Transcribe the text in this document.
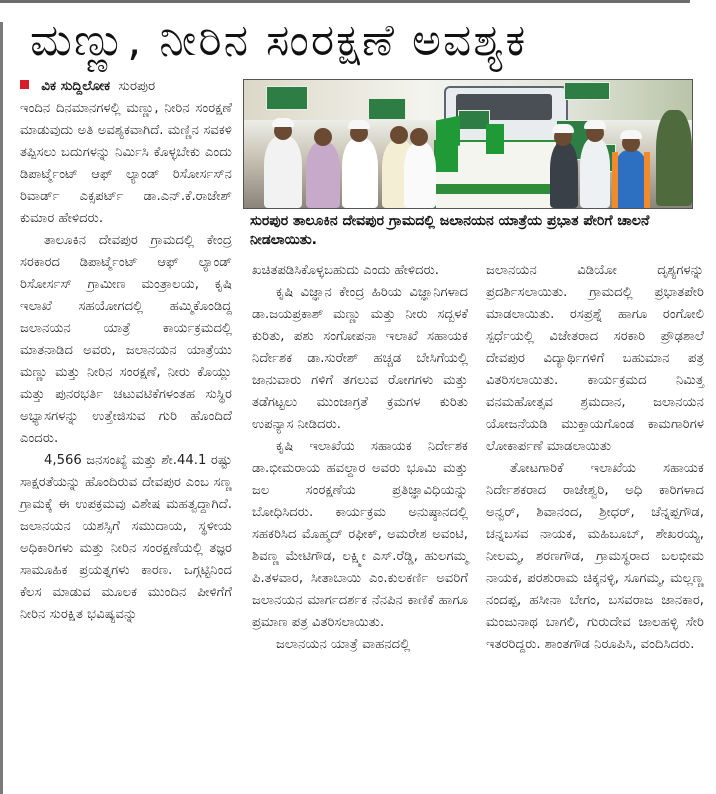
ಮಣ್ಣು, ನೀರಿನ ಸಂರಕ್ಷಣೆ ಅವಶ್ಯಕ
ವಿಕ ಸುದ್ದಿಲೋಕ ಸುರಪುರ

ಇಂದಿನ ದಿನಮಾನಗಳಲ್ಲಿ ಮಣ್ಣು, ನೀರಿನ ಸಂರಕ್ಷಣೆ ಮಾಡುವುದು ಅತಿ ಅವಶ್ಯಕವಾಗಿದೆ. ಮಣ್ಣಿನ ಸವಕಳಿ ತಪ್ಪಿಸಲು ಬದುಗಳನ್ನು ನಿರ್ಮಿಸಿ ಕೊಳ್ಳಬೇಕು ಎಂದು ಡಿಪಾರ್ಟ್ಮೆಂಟ್ ಆಫ್ ಲ್ಯಾಂಡ್ ರಿಸೋರ್ಸಸ್‌ನ ರಿವಾರ್ಡ್ ಎಕ್ಸಪರ್ಟ್ ಡಾ.ಎನ್.ಕೆ.ರಾಜೇಶ್ ಕುಮಾರ ಹೇಳಿದರು.

ತಾಲೂಕಿನ ದೇವಪುರ ಗ್ರಾಮದಲ್ಲಿ ಕೇಂದ್ರ ಸರಕಾರದ ಡಿಪಾರ್ಟ್ಮೆಂಟ್ ಆಫ್ ಲ್ಯಾಂಡ್ ರಿಸೋರ್ಸಸ್ ಗ್ರಾಮೀಣ ಮಂತ್ರಾಲಯ, ಕೃಷಿ ಇಲಾಖೆ ಸಹಯೋಗದಲ್ಲಿ ಹಮ್ಮಿಕೊಂಡಿದ್ದ ಜಲಾನಯನ ಯಾತ್ರೆ ಕಾರ್ಯಕ್ರಮದಲ್ಲಿ ಮಾತನಾಡಿದ ಅವರು, ಜಲಾನಯನ ಯಾತ್ರೆಯು ಮಣ್ಣು ಮತ್ತು ನೀರಿನ ಸಂರಕ್ಷಣೆ, ನೀರು ಕೊಯ್ಲು ಮತ್ತು ಪುನರಭರ್ತಿ ಚಟುವಟಿಕೆಗಳಂತಹ ಸುಸ್ಥಿರ ಅಭ್ಯಾಸಗಳನ್ನು ಉತ್ತೇಜಿಸುವ ಗುರಿ ಹೊಂದಿದೆ ಎಂದರು.

4,566 ಜನಸಂಖ್ಯೆ ಮತ್ತು ಶೇ.44.1 ರಷ್ಟು ಸಾಕ್ಷರತೆಯನ್ನು ಹೊಂದಿರುವ ದೇವಪುರ ಎಂಬ ಸಣ್ಣ ಗ್ರಾಮಕ್ಕೆ ಈ ಉಪಕ್ರಮವು ವಿಶೇಷ ಮಹತ್ವದ್ದಾಗಿದೆ. ಜಲಾನಯನ ಯಶಸ್ಸಿಗೆ ಸಮುದಾಯ, ಸ್ಥಳೀಯ ಅಧಿಕಾರಿಗಳು ಮತ್ತು ನೀರಿನ ಸಂರಕ್ಷಣೆಯಲ್ಲಿ ತಜ್ಞರ ಸಾಮೂಹಿಕ ಪ್ರಯತ್ನಗಳು ಕಾರಣ. ಒಗ್ಗಟ್ಟಿನಿಂದ ಕೆಲಸ ಮಾಡುವ ಮೂಲಕ ಮುಂದಿನ ಪೀಳಿಗೆಗೆ ನೀರಿನ ಸುರಕ್ಷಿತ ಭವಿಷ್ಯವನ್ನು

ಸುರಪುರ ತಾಲೂಕಿನ ದೇವಪುರ ಗ್ರಾಮದಲ್ಲಿ ಜಲಾನಯನ ಯಾತ್ರೆಯ ಪ್ರಭಾತ ಪೇರಿಗೆ ಚಾಲನೆ ನೀಡಲಾಯಿತು.

ಖಚಿತಪಡಿಸಿಕೊಳ್ಳಬಹುದು ಎಂದು ಹೇಳಿದರು.

ಕೃಷಿ ವಿಜ್ಞಾನ ಕೇಂದ್ರ ಹಿರಿಯ ವಿಜ್ಞಾನಿಗಳಾದ ಡಾ.ಜಯಪ್ರಕಾಶ್ ಮಣ್ಣು ಮತ್ತು ನೀರು ಸದ್ಬಳಕೆ ಕುರಿತು, ಪಶು ಸಂಗೋಪನಾ ಇಲಾಖೆ ಸಹಾಯಕ ನಿರ್ದೇಶಕ ಡಾ.ಸುರೇಶ್ ಹಚ್ಚಡ ಬೇಸಿಗೆಯಲ್ಲಿ ಜಾನುವಾರು ಗಳಿಗೆ ತಗಲುವ ರೋಗಗಳು ಮತ್ತು ತಡೆಗಟ್ಟಲು ಮುಂಜಾಗ್ರತೆ ಕ್ರಮಗಳ ಕುರಿತು ಉಪನ್ಯಾಸ ನೀಡಿದರು.

ಕೃಷಿ ಇಲಾಖೆಯ ಸಹಾಯಕ ನಿರ್ದೇಶಕ ಡಾ.ಭೀಮರಾಯ ಹವಲ್ದಾರ ಅವರು ಭೂಮಿ ಮತ್ತು ಜಲ ಸಂರಕ್ಷಣೆಯ ಪ್ರತಿಜ್ಞಾವಿಧಿಯನ್ನು ಬೋಧಿಸಿದರು. ಕಾರ್ಯಕ್ರಮ ಅನುಷ್ಠಾನದಲ್ಲಿ ಸಹಕರಿಸಿದ ಮೊಹ್ಮದ್ ರಫೀಕ್, ಅಮರೇಶ ಅವಂಟಿ, ಶಿವಣ್ಣ ಮೇಟಿಗೌಡ, ಲಕ್ಷ್ಮೀ ಎಸ್.ರೆಡ್ಡಿ, ಹುಲಗಮ್ಮ ಪಿ.ತಳವಾರ, ಸೀತಾಬಾಯಿ ಎಂ.ಕುಲಕರ್ಣಿ ಅವರಿಗೆ ಜಲಾನಯನ ಮಾರ್ಗದರ್ಶಕ ನೆನಪಿನ ಕಾಣಿಕೆ ಹಾಗೂ ಪ್ರಮಾಣ ಪತ್ರ ವಿತರಿಸಲಾಯಿತು.

ಜಲಾನಯನ ಯಾತ್ರೆ ವಾಹನದಲ್ಲಿ

ಜಲಾನಯನ ವಿಡಿಯೋ ದೃಶ್ಯಗಳನ್ನು ಪ್ರದರ್ಶಿಸಲಾಯಿತು. ಗ್ರಾಮದಲ್ಲಿ ಪ್ರಭಾತಪೇರಿ ಮಾಡಲಾಯಿತು. ರಸಪ್ರಶ್ನೆ ಹಾಗೂ ರಂಗೋಲಿ ಸ್ಪರ್ಧೆಯಲ್ಲಿ ವಿಜೇತರಾದ ಸರಕಾರಿ ಪ್ರೌಢಶಾಲೆ ದೇವಪುರ ವಿದ್ಯಾರ್ಥಿಗಳಿಗೆ ಬಹುಮಾನ ಪತ್ರ ವಿತರಿಸಲಾಯಿತು. ಕಾರ್ಯಕ್ರಮದ ನಿಮಿತ್ತ ವನಮಹೋತ್ಸವ ಶ್ರಮದಾನ, ಜಲಾನಯನ ಯೋಜನೆಯಡಿ ಮುಕ್ತಾಯಗೊಂಡ ಕಾಮಗಾರಿಗಳ ಲೋಕಾರ್ಪಣೆ ಮಾಡಲಾಯಿತು

ತೋಟಗಾರಿಕೆ ಇಲಾಖೆಯ ಸಹಾಯಕ ನಿರ್ದೇಶಕರಾದ ರಾಜೇಶ್ವರಿ, ಅಧಿ ಕಾರಿಗಳಾದ ಅನ್ವರ್, ಶಿವಾನಂದ, ಶ್ರೀಧರ್, ಚೆನ್ನಪ್ಪಗೌಡ, ಚನ್ನಬಸವ ನಾಯಕ, ಮಹಿಬೂಬ್, ಶೇಖರಯ್ಯ, ನೀಲಮ್ಮ, ಶರಣಗೌಡ, ಗ್ರಾಮಸ್ಥರಾದ ಬಲಭೀಮ ನಾಯಕ, ಪರಶುರಾಮ ಚಿಕ್ಕನಳ್ಳಿ, ಸೂಗಮ್ಮ, ಮಲ್ಲಣ್ಣ ನಂದಪ್ಪ, ಹಸೀನಾ ಬೇಗಂ, ಬಸವರಾಜ ಜಾನಕಾರ, ಮಂಜುನಾಥ ಬಾಗಲಿ, ಗುರುದೇವ ಜಾಲಹಳ್ಳಿ ಸೇರಿ ಇತರರಿದ್ದರು. ಶಾಂತಗೌಡ ನಿರೂಪಿಸಿ, ವಂದಿಸಿದರು.
